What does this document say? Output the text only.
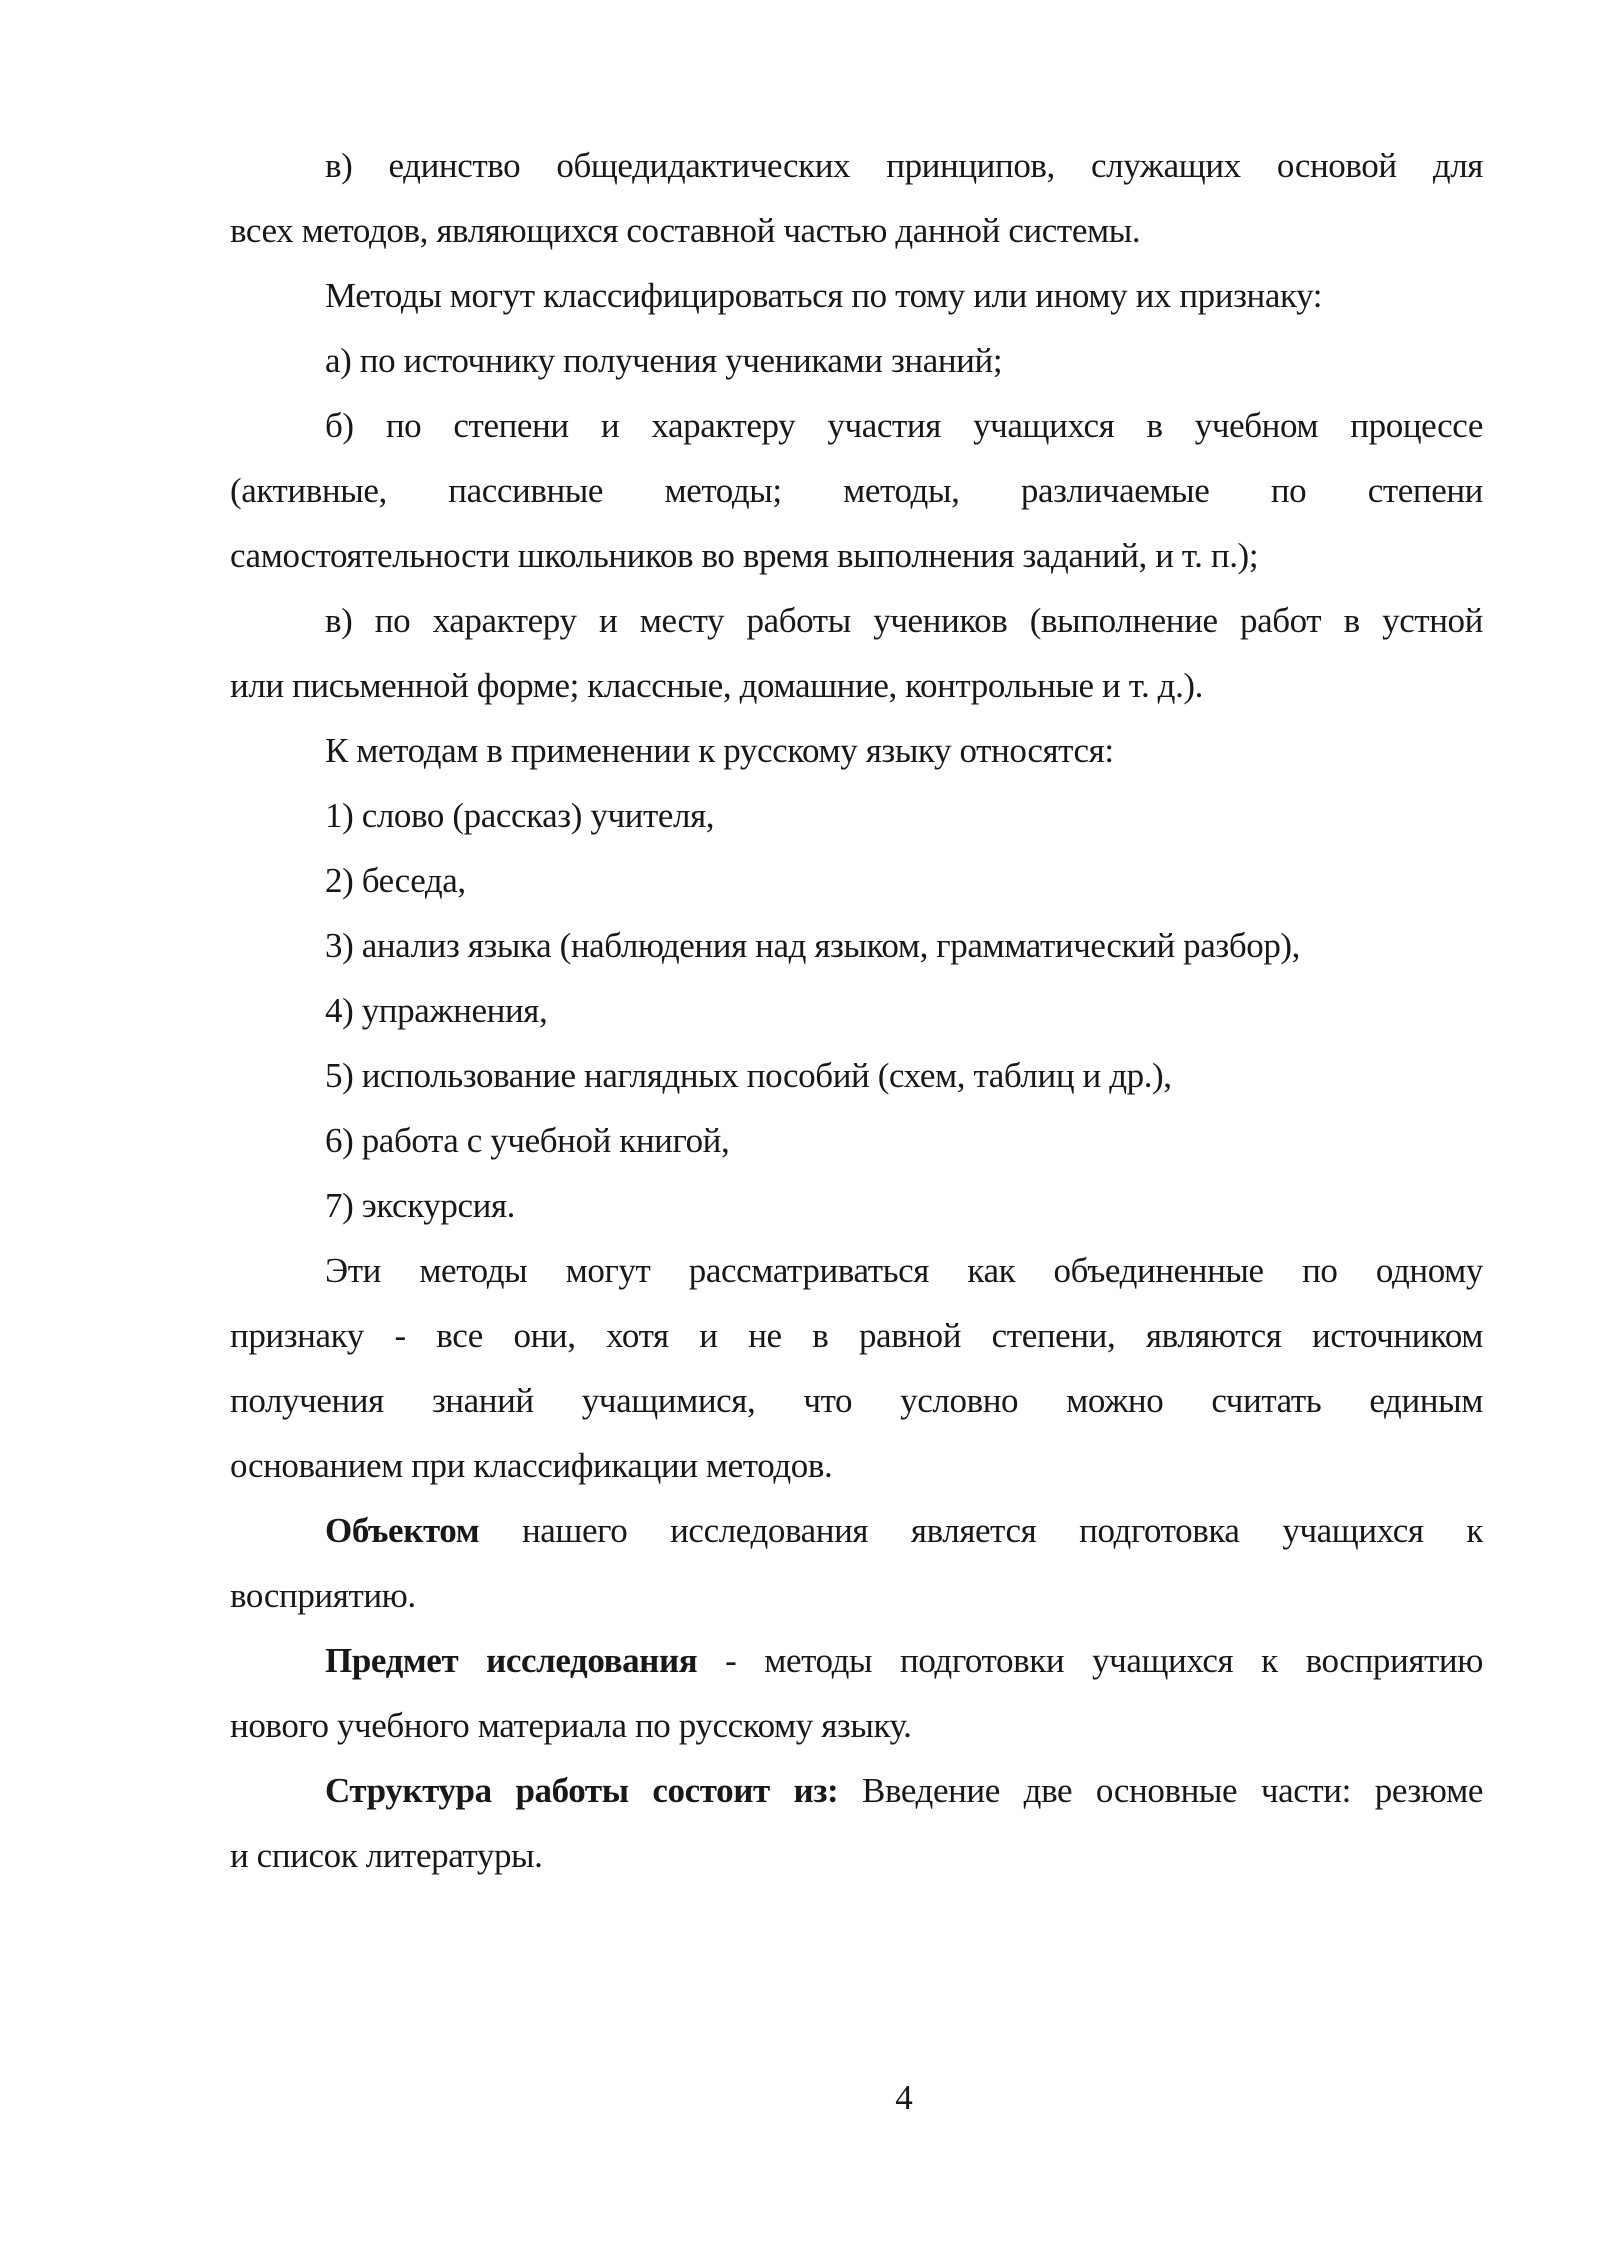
в) единство общедидактических принципов, служащих основой для
всех методов, являющихся составной частью данной системы.
Методы могут классифицироваться по тому или иному их признаку:
а) по источнику получения учениками знаний;
б) по степени и характеру участия учащихся в учебном процессе
(активные, пассивные методы; методы, различаемые по степени
самостоятельности школьников во время выполнения заданий, и т. п.);
в) по характеру и месту работы учеников (выполнение работ в устной
или письменной форме; классные, домашние, контрольные и т. д.).
К методам в применении к русскому языку относятся:
1) слово (рассказ) учителя,
2) беседа,
3) анализ языка (наблюдения над языком, грамматический разбор),
4) упражнения,
5) использование наглядных пособий (схем, таблиц и др.),
6) работа с учебной книгой,
7) экскурсия.
Эти методы могут рассматриваться как объединенные по одному
признаку - все они, хотя и не в равной степени, являются источником
получения знаний учащимися, что условно можно считать единым
основанием при классификации методов.
Объектом нашего исследования является подготовка учащихся к
восприятию.
Предмет исследования - методы подготовки учащихся к восприятию
нового учебного материала по русскому языку.
Структура работы состоит из: Введение две основные части: резюме
и список литературы.
4
